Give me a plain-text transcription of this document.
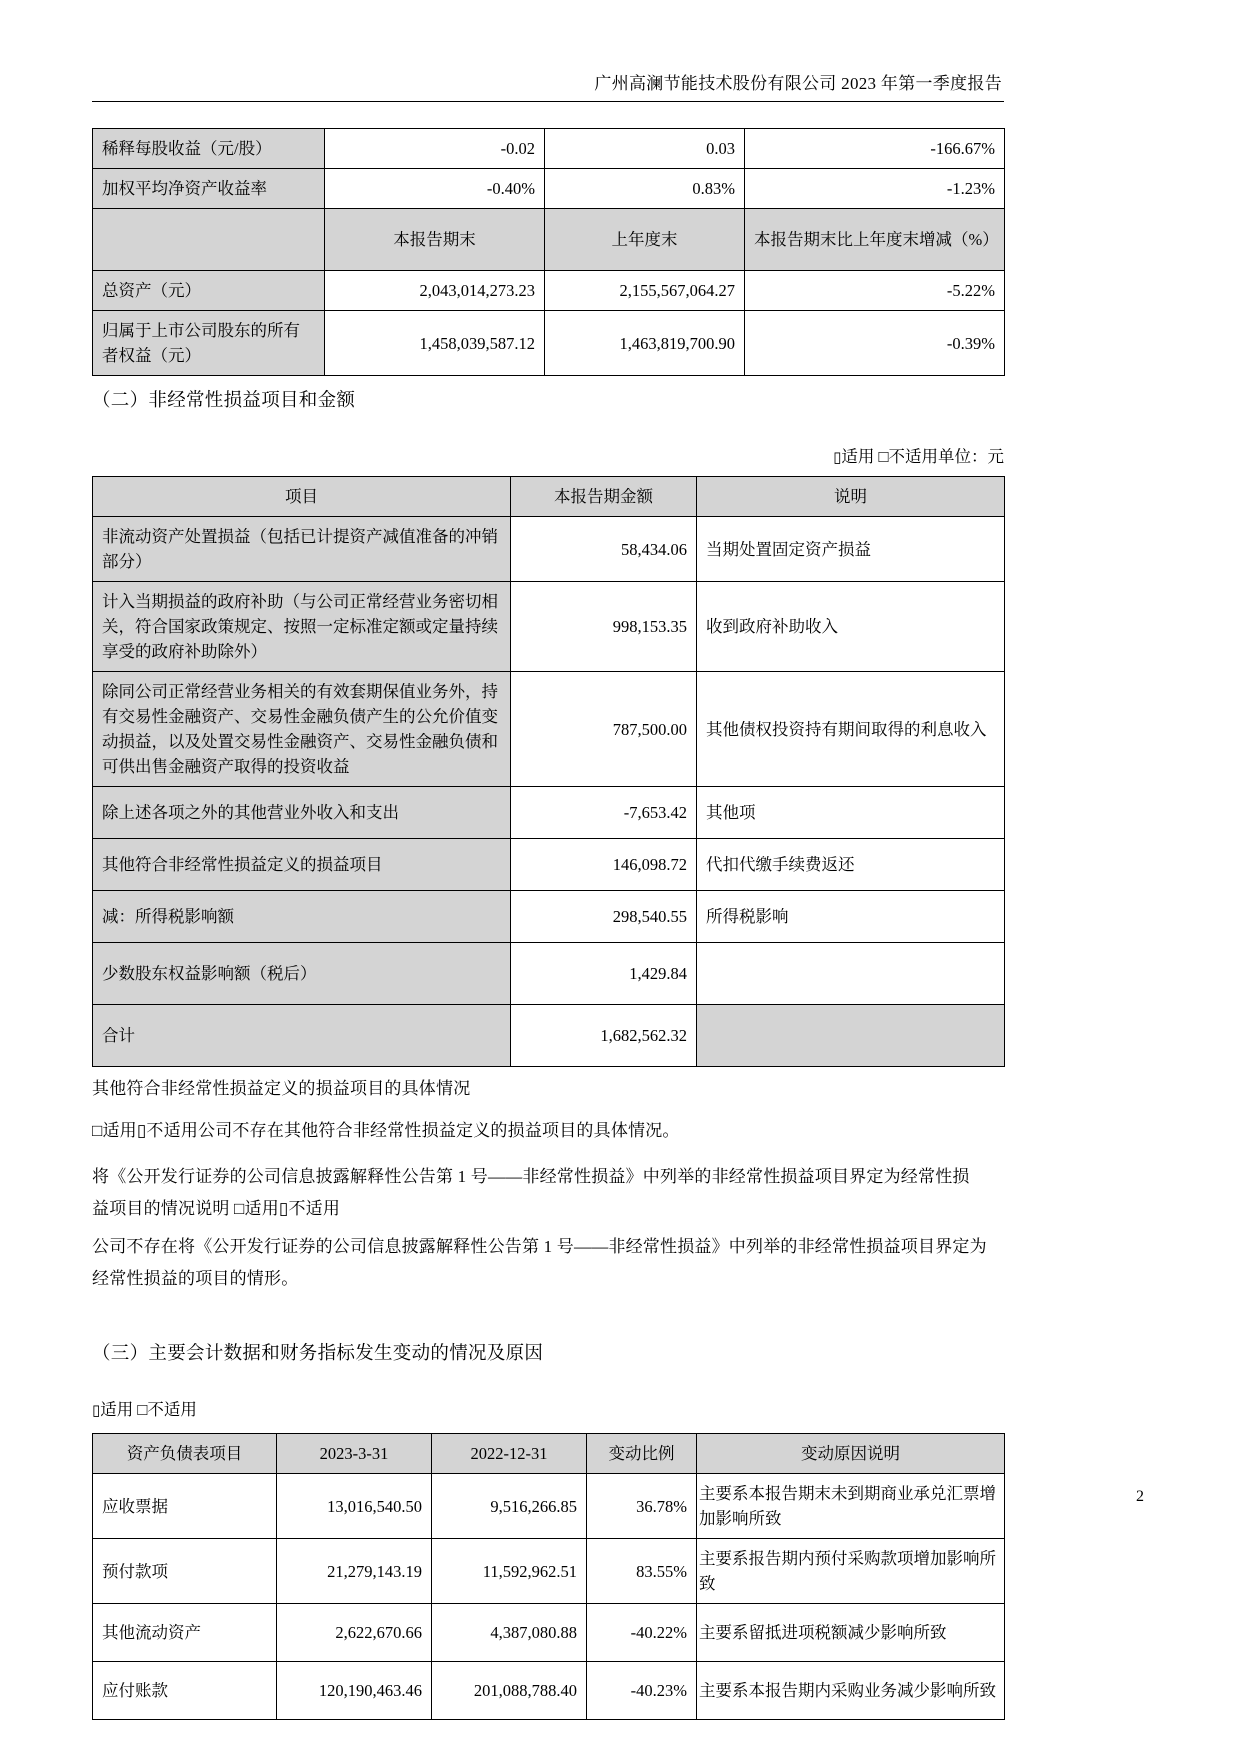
广州高澜节能技术股份有限公司 2023 年第一季度报告
稀释每股收益（元/股）	-0.02	0.03	-166.67%
加权平均净资产收益率	-0.40%	0.83%	-1.23%
	本报告期末	上年度末	本报告期末比上年度末增减（%）
总资产（元）	2,043,014,273.23	2,155,567,064.27	-5.22%
归属于上市公司股东的所有者权益（元）	1,458,039,587.12	1,463,819,700.90	-0.39%

（二）非经常性损益项目和金额

▯适用 □不适用单位：元

项目	本报告期金额	说明
非流动资产处置损益（包括已计提资产减值准备的冲销部分）	58,434.06	当期处置固定资产损益
计入当期损益的政府补助（与公司正常经营业务密切相关，符合国家政策规定、按照一定标准定额或定量持续享受的政府补助除外）	998,153.35	收到政府补助收入
除同公司正常经营业务相关的有效套期保值业务外，持有交易性金融资产、交易性金融负债产生的公允价值变动损益，以及处置交易性金融资产、交易性金融负债和可供出售金融资产取得的投资收益	787,500.00	其他债权投资持有期间取得的利息收入
除上述各项之外的其他营业外收入和支出	-7,653.42	其他项
其他符合非经常性损益定义的损益项目	146,098.72	代扣代缴手续费返还
减：所得税影响额	298,540.55	所得税影响
少数股东权益影响额（税后）	1,429.84	
合计	1,682,562.32	

其他符合非经常性损益定义的损益项目的具体情况

□适用▯不适用公司不存在其他符合非经常性损益定义的损益项目的具体情况。

将《公开发行证券的公司信息披露解释性公告第 1 号——非经常性损益》中列举的非经常性损益项目界定为经常性损

益项目的情况说明 □适用▯不适用

公司不存在将《公开发行证券的公司信息披露解释性公告第 1 号——非经常性损益》中列举的非经常性损益项目界定为

经常性损益的项目的情形。

（三）主要会计数据和财务指标发生变动的情况及原因

▯适用 □不适用

资产负债表项目	2023-3-31	2022-12-31	变动比例	变动原因说明
应收票据	13,016,540.50	9,516,266.85	36.78%	主要系本报告期末未到期商业承兑汇票增加影响所致
预付款项	21,279,143.19	11,592,962.51	83.55%	主要系报告期内预付采购款项增加影响所致
其他流动资产	2,622,670.66	4,387,080.88	-40.22%	主要系留抵进项税额减少影响所致
应付账款	120,190,463.46	201,088,788.40	-40.23%	主要系本报告期内采购业务减少影响所致
2
